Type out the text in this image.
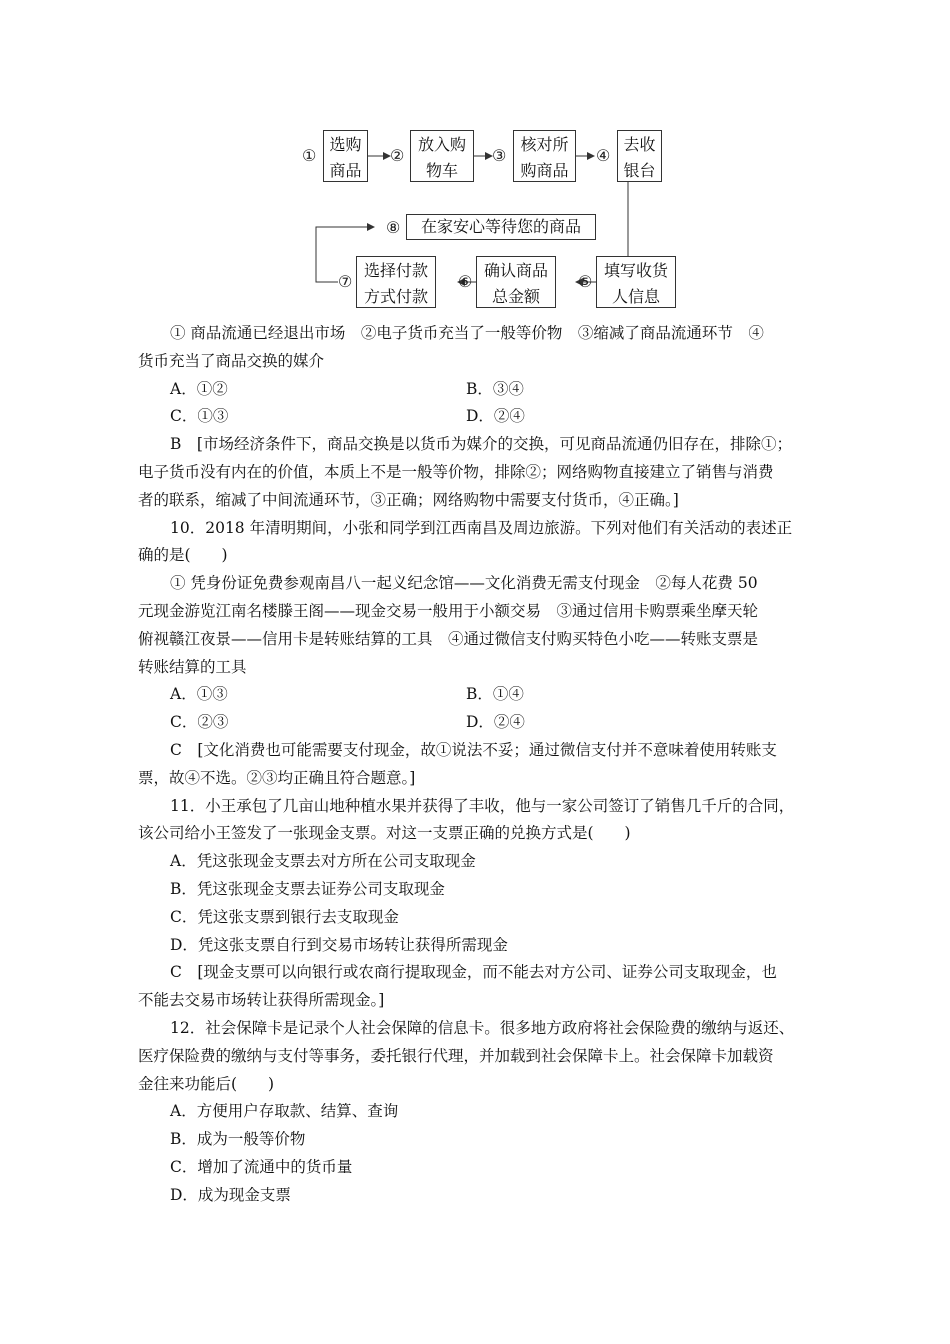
①
选购
商品
②
放入购
物车
③
核对所
购商品
④
去收
银台
⑧	在家安心等待您的商品
⑦
选择付款
方式付款
⑥
确认商品
总金额
⑤
填写收货
人信息

① 商品流通已经退出市场　②电子货币充当了一般等价物　③缩减了商品流通环节　④

货币充当了商品交换的媒介

A．①②	B．③④
C．①③	D．②④

B　[市场经济条件下，商品交换是以货币为媒介的交换，可见商品流通仍旧存在，排除①；

电子货币没有内在的价值，本质上不是一般等价物，排除②；网络购物直接建立了销售与消费

者的联系，缩减了中间流通环节，③正确；网络购物中需要支付货币，④正确。]

10．2018 年清明期间，小张和同学到江西南昌及周边旅游。下列对他们有关活动的表述正

确的是(　　)

① 凭身份证免费参观南昌八一起义纪念馆——文化消费无需支付现金　②每人花费 50

元现金游览江南名楼滕王阁——现金交易一般用于小额交易　③通过信用卡购票乘坐摩天轮

俯视赣江夜景——信用卡是转账结算的工具　④通过微信支付购买特色小吃——转账支票是

转账结算的工具

A．①③	B．①④
C．②③	D．②④

C　[文化消费也可能需要支付现金，故①说法不妥；通过微信支付并不意味着使用转账支

票，故④不选。②③均正确且符合题意。]

11．小王承包了几亩山地种植水果并获得了丰收，他与一家公司签订了销售几千斤的合同，

该公司给小王签发了一张现金支票。对这一支票正确的兑换方式是(　　)

A．凭这张现金支票去对方所在公司支取现金

B．凭这张现金支票去证券公司支取现金

C．凭这张支票到银行去支取现金

D．凭这张支票自行到交易市场转让获得所需现金

C　[现金支票可以向银行或农商行提取现金，而不能去对方公司、证券公司支取现金，也

不能去交易市场转让获得所需现金。]

12．社会保障卡是记录个人社会保障的信息卡。很多地方政府将社会保险费的缴纳与返还、

医疗保险费的缴纳与支付等事务，委托银行代理，并加载到社会保障卡上。社会保障卡加载资

金往来功能后(　　)

A．方便用户存取款、结算、查询

B．成为一般等价物

C．增加了流通中的货币量

D．成为现金支票
